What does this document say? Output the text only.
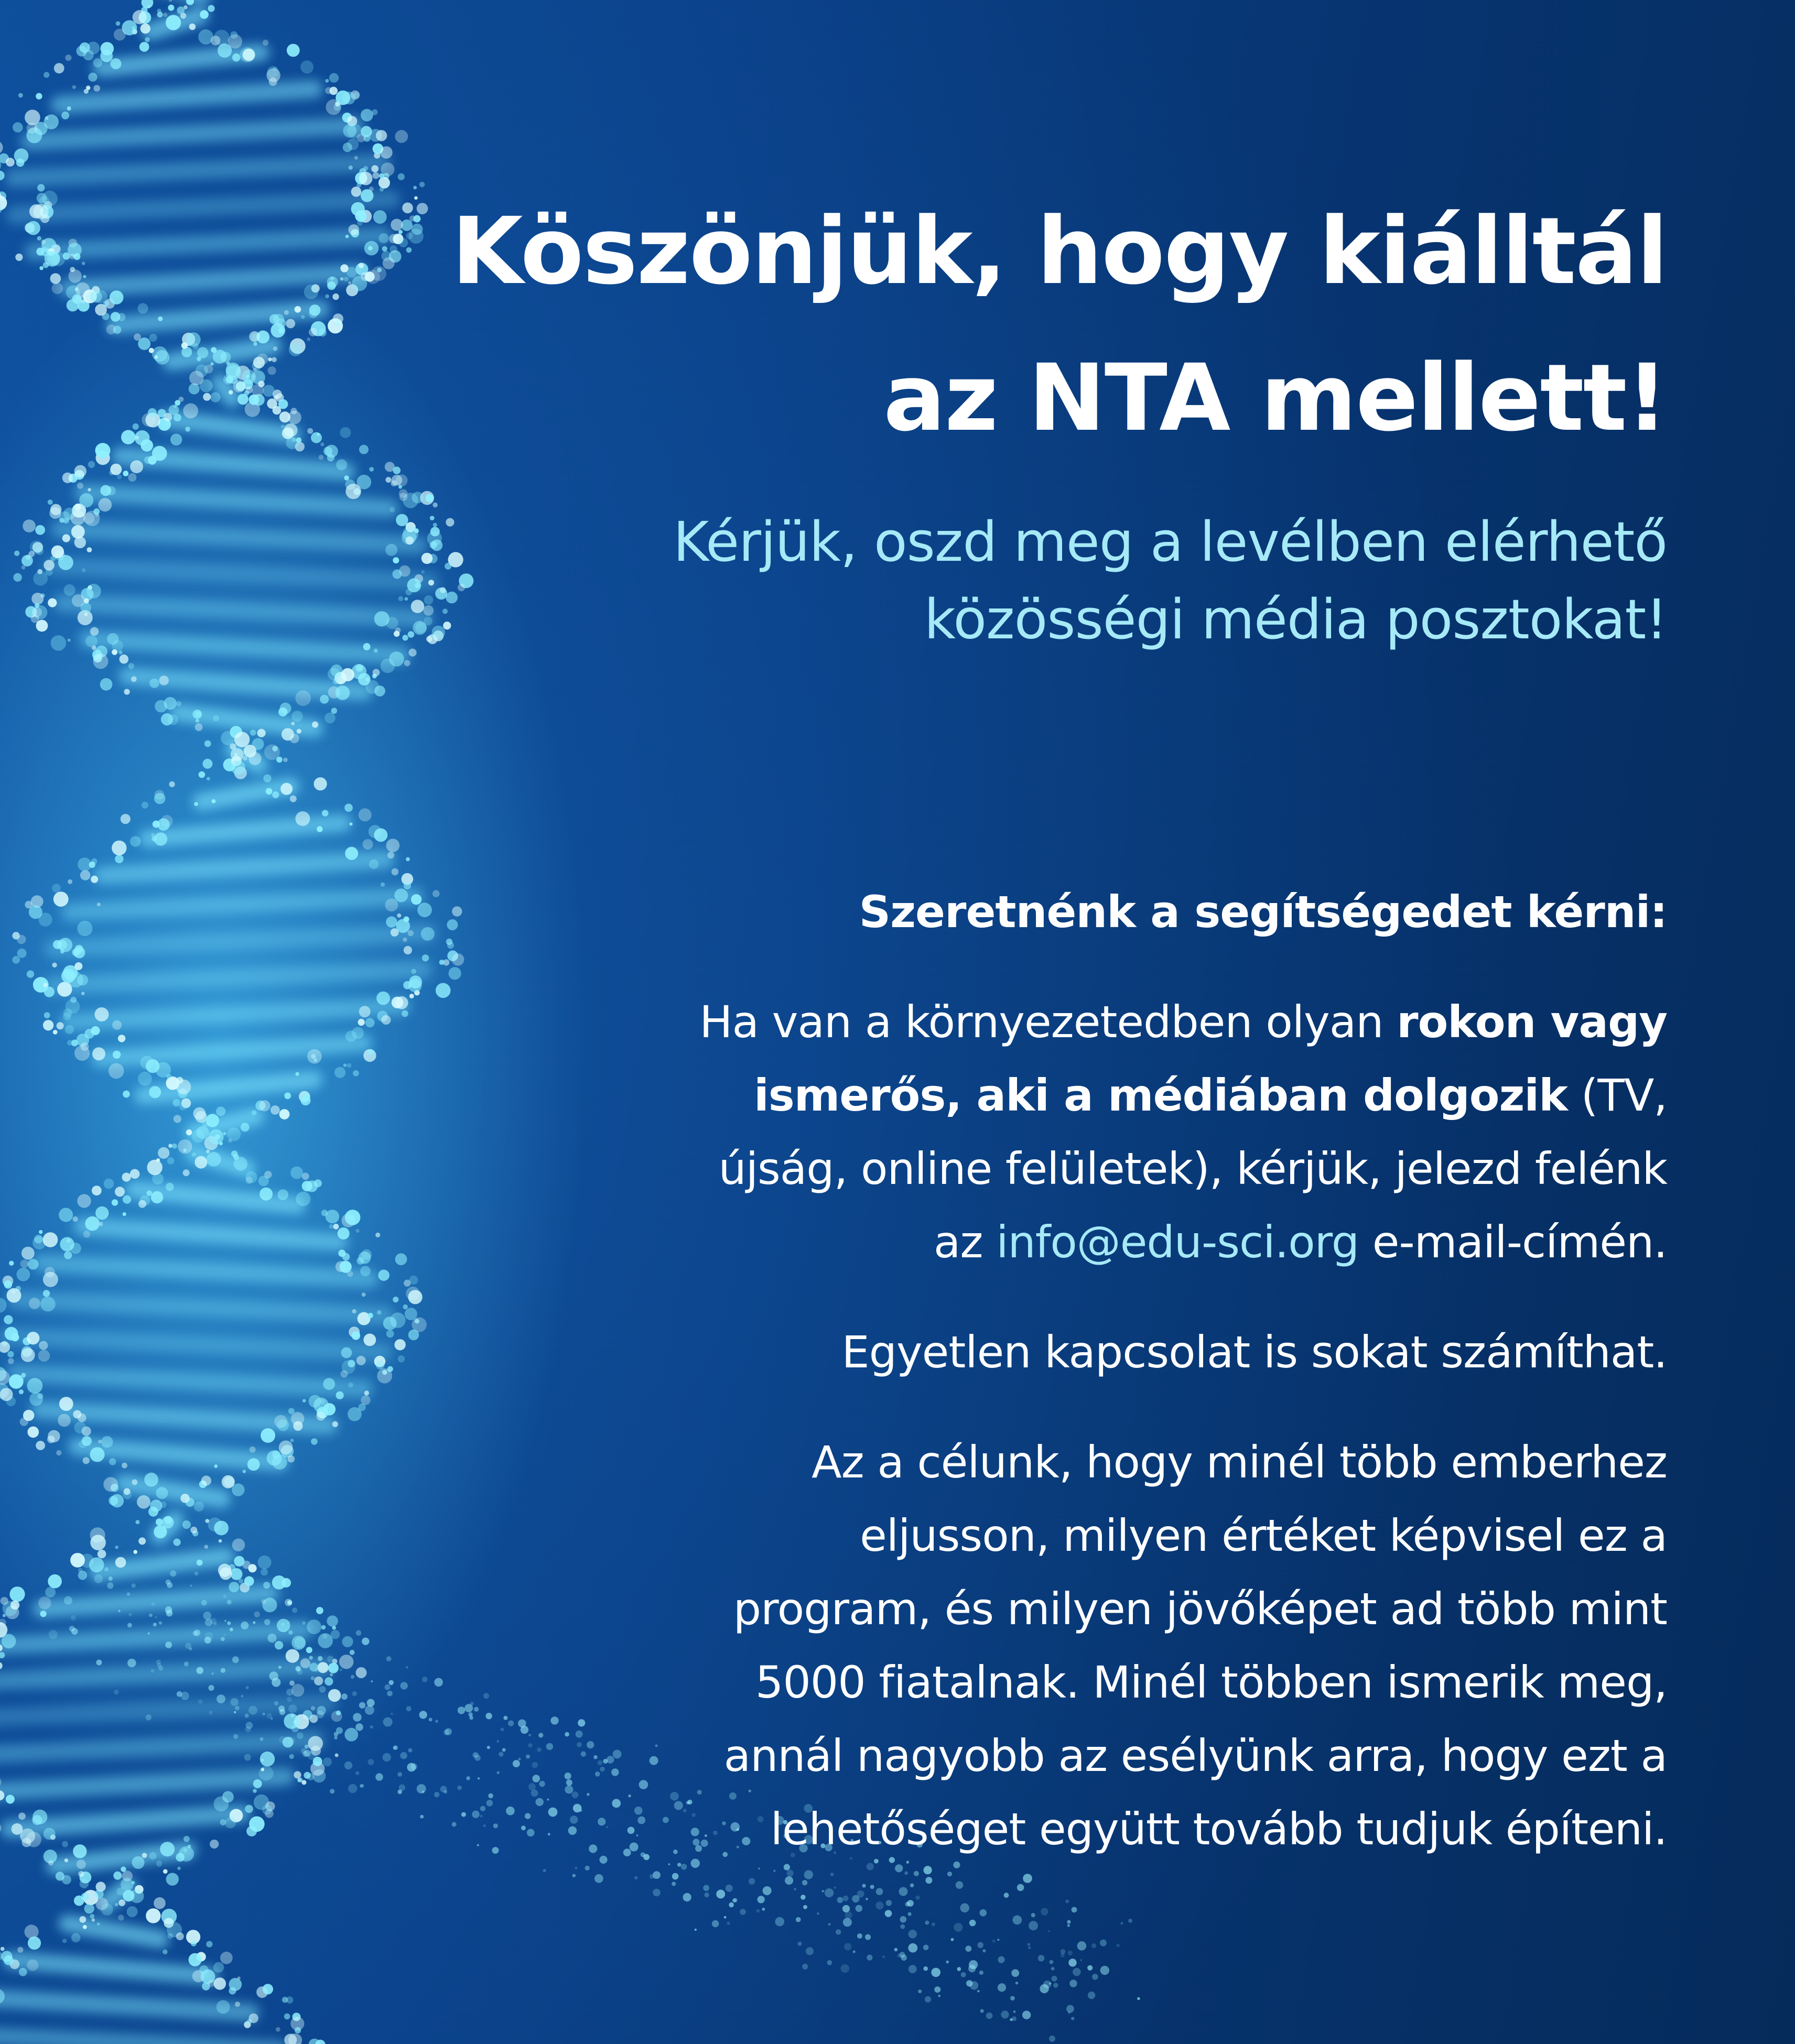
Köszönjük, hogy kiálltál
az NTA mellett!

Kérjük, oszd meg a levélben elérhető
közösségi média posztokat!

Szeretnénk a segítségedet kérni:

Ha van a környezetedben olyan rokon vagy
ismerős, aki a médiában dolgozik (TV,
újság, online felületek), kérjük, jelezd felénk
az info@edu-sci.org e-mail-címén.

Egyetlen kapcsolat is sokat számíthat.

Az a célunk, hogy minél több emberhez
eljusson, milyen értéket képvisel ez a
program, és milyen jövőképet ad több mint
5000 fiatalnak. Minél többen ismerik meg,
annál nagyobb az esélyünk arra, hogy ezt a
lehetőséget együtt tovább tudjuk építeni.
